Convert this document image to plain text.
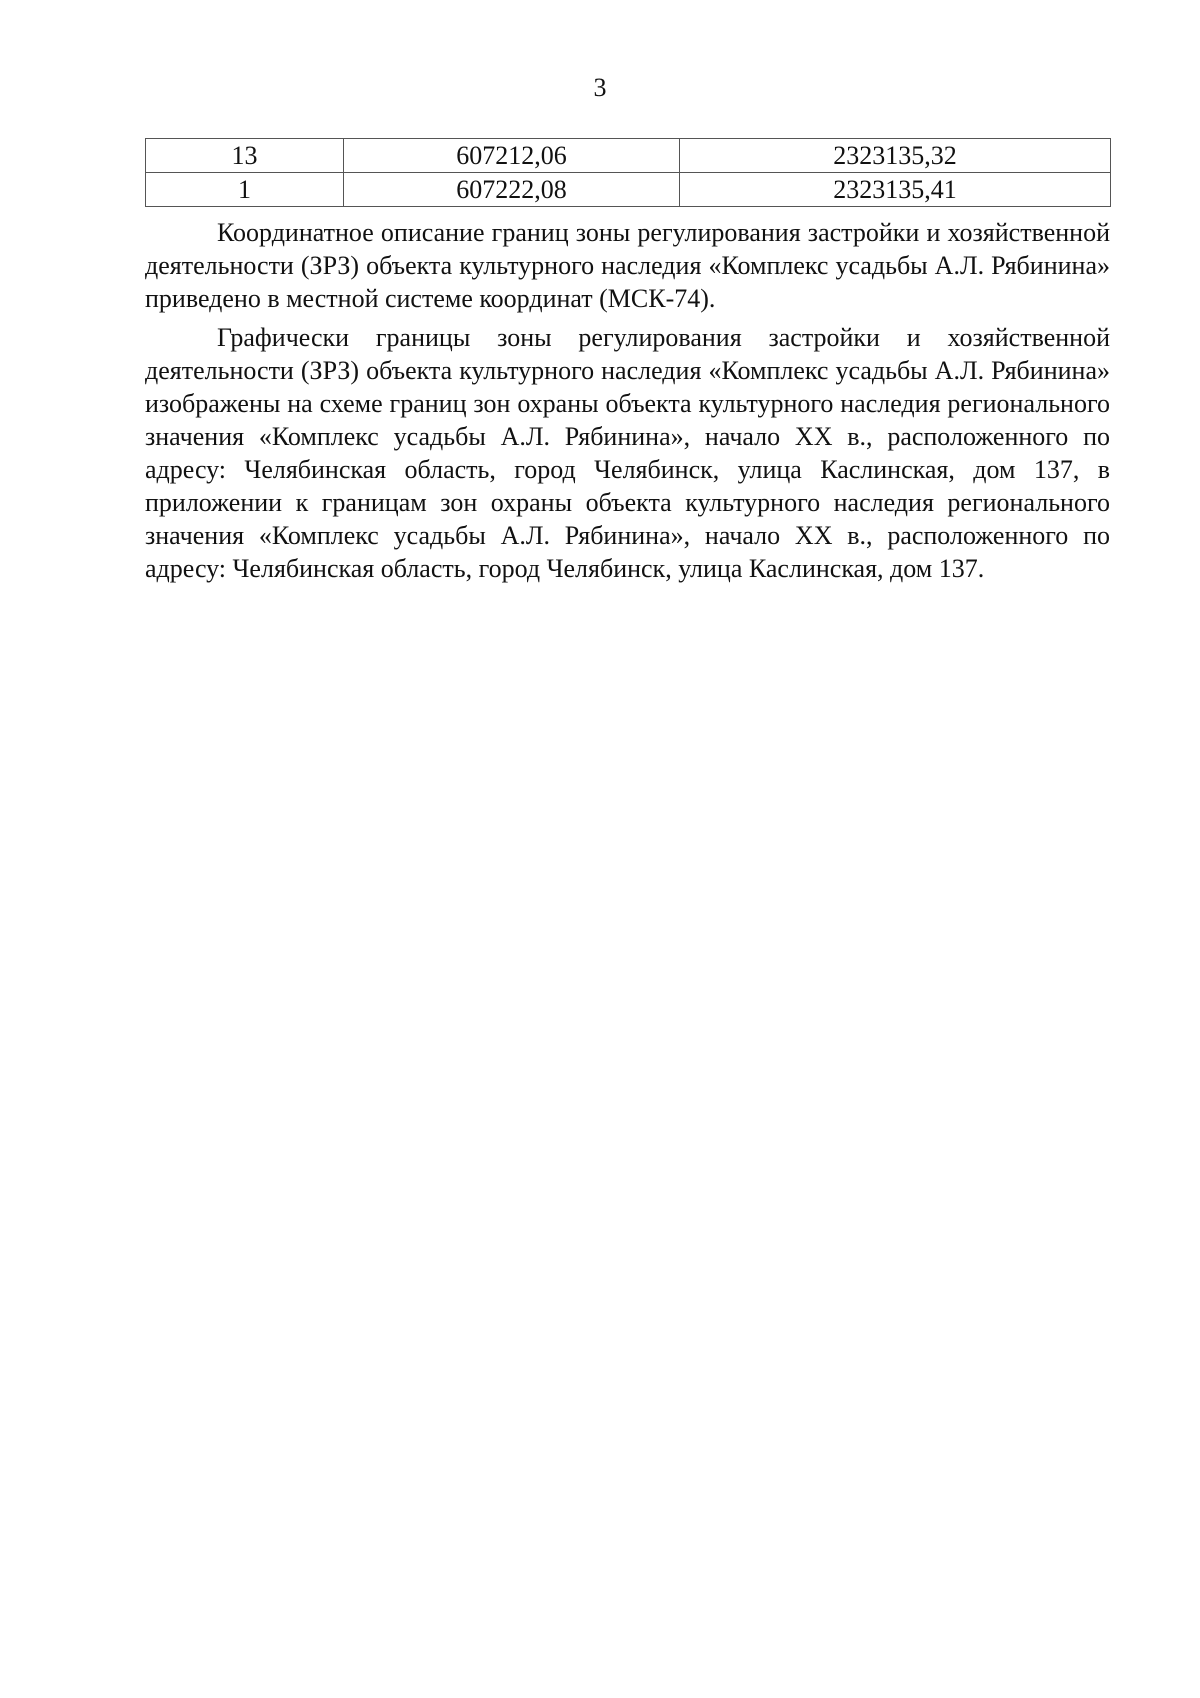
3
13	607212,06	2323135,32
1	607222,08	2323135,41

Координатное описание границ зоны регулирования застройки и хозяйственной деятельности (ЗРЗ) объекта культурного наследия «Комплекс усадьбы А.Л. Рябинина» приведено в местной системе координат (МСК-74).

Графически границы зоны регулирования застройки и хозяйственной деятельности (ЗРЗ) объекта культурного наследия «Комплекс усадьбы А.Л. Рябинина» изображены на схеме границ зон охраны объекта культурного наследия регионального значения «Комплекс усадьбы А.Л. Рябинина», начало XX в., расположенного по адресу: Челябинская область, город Челябинск, улица Каслинская, дом 137, в приложении к границам зон охраны объекта культурного наследия регионального значения «Комплекс усадьбы А.Л. Рябинина», начало XX в., расположенного по адресу: Челябинская область, город Челябинск, улица Каслинская, дом 137.
